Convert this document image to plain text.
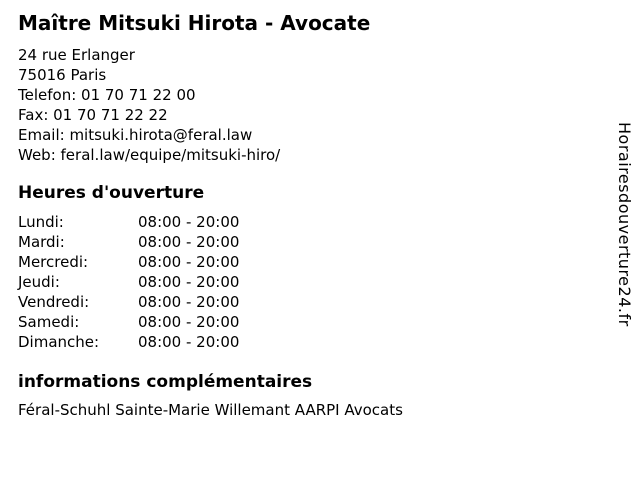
Maître Mitsuki Hirota - Avocate
24 rue Erlanger
75016 Paris
Telefon: 01 70 71 22 00
Fax: 01 70 71 22 22
Email: mitsuki.hirota@feral.law
Web: feral.law/equipe/mitsuki-hiro/
Heures d'ouverture
Lundi:	08:00 - 20:00
Mardi:	08:00 - 20:00
Mercredi:	08:00 - 20:00
Jeudi:	08:00 - 20:00
Vendredi:	08:00 - 20:00
Samedi:	08:00 - 20:00
Dimanche:	08:00 - 20:00
informations complémentaires
Féral-Schuhl Sainte-Marie Willemant AARPI Avocats
Horairesdouverture24.fr
